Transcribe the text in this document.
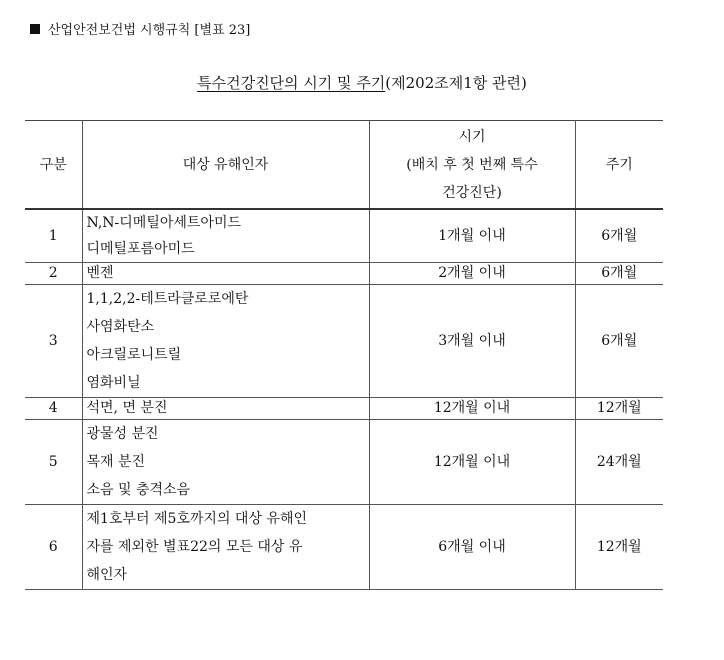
산업안전보건법 시행규칙 [별표 23]
특수건강진단의 시기 및 주기(제202조제1항 관련)
구분	대상 유해인자	시기
(배치 후 첫 번째 특수
건강진단)	주기
1	N,N-디메틸아세트아미드
디메틸포름아미드	1개월 이내	6개월
2	벤젠	2개월 이내	6개월
3	1,1,2,2-테트라클로로에탄
사염화탄소
아크릴로니트릴
염화비닐	3개월 이내	6개월
4	석면, 면 분진	12개월 이내	12개월
5	광물성 분진
목재 분진
소음 및 충격소음	12개월 이내	24개월
6	제1호부터 제5호까지의 대상 유해인
자를 제외한 별표22의 모든 대상 유
해인자	6개월 이내	12개월
